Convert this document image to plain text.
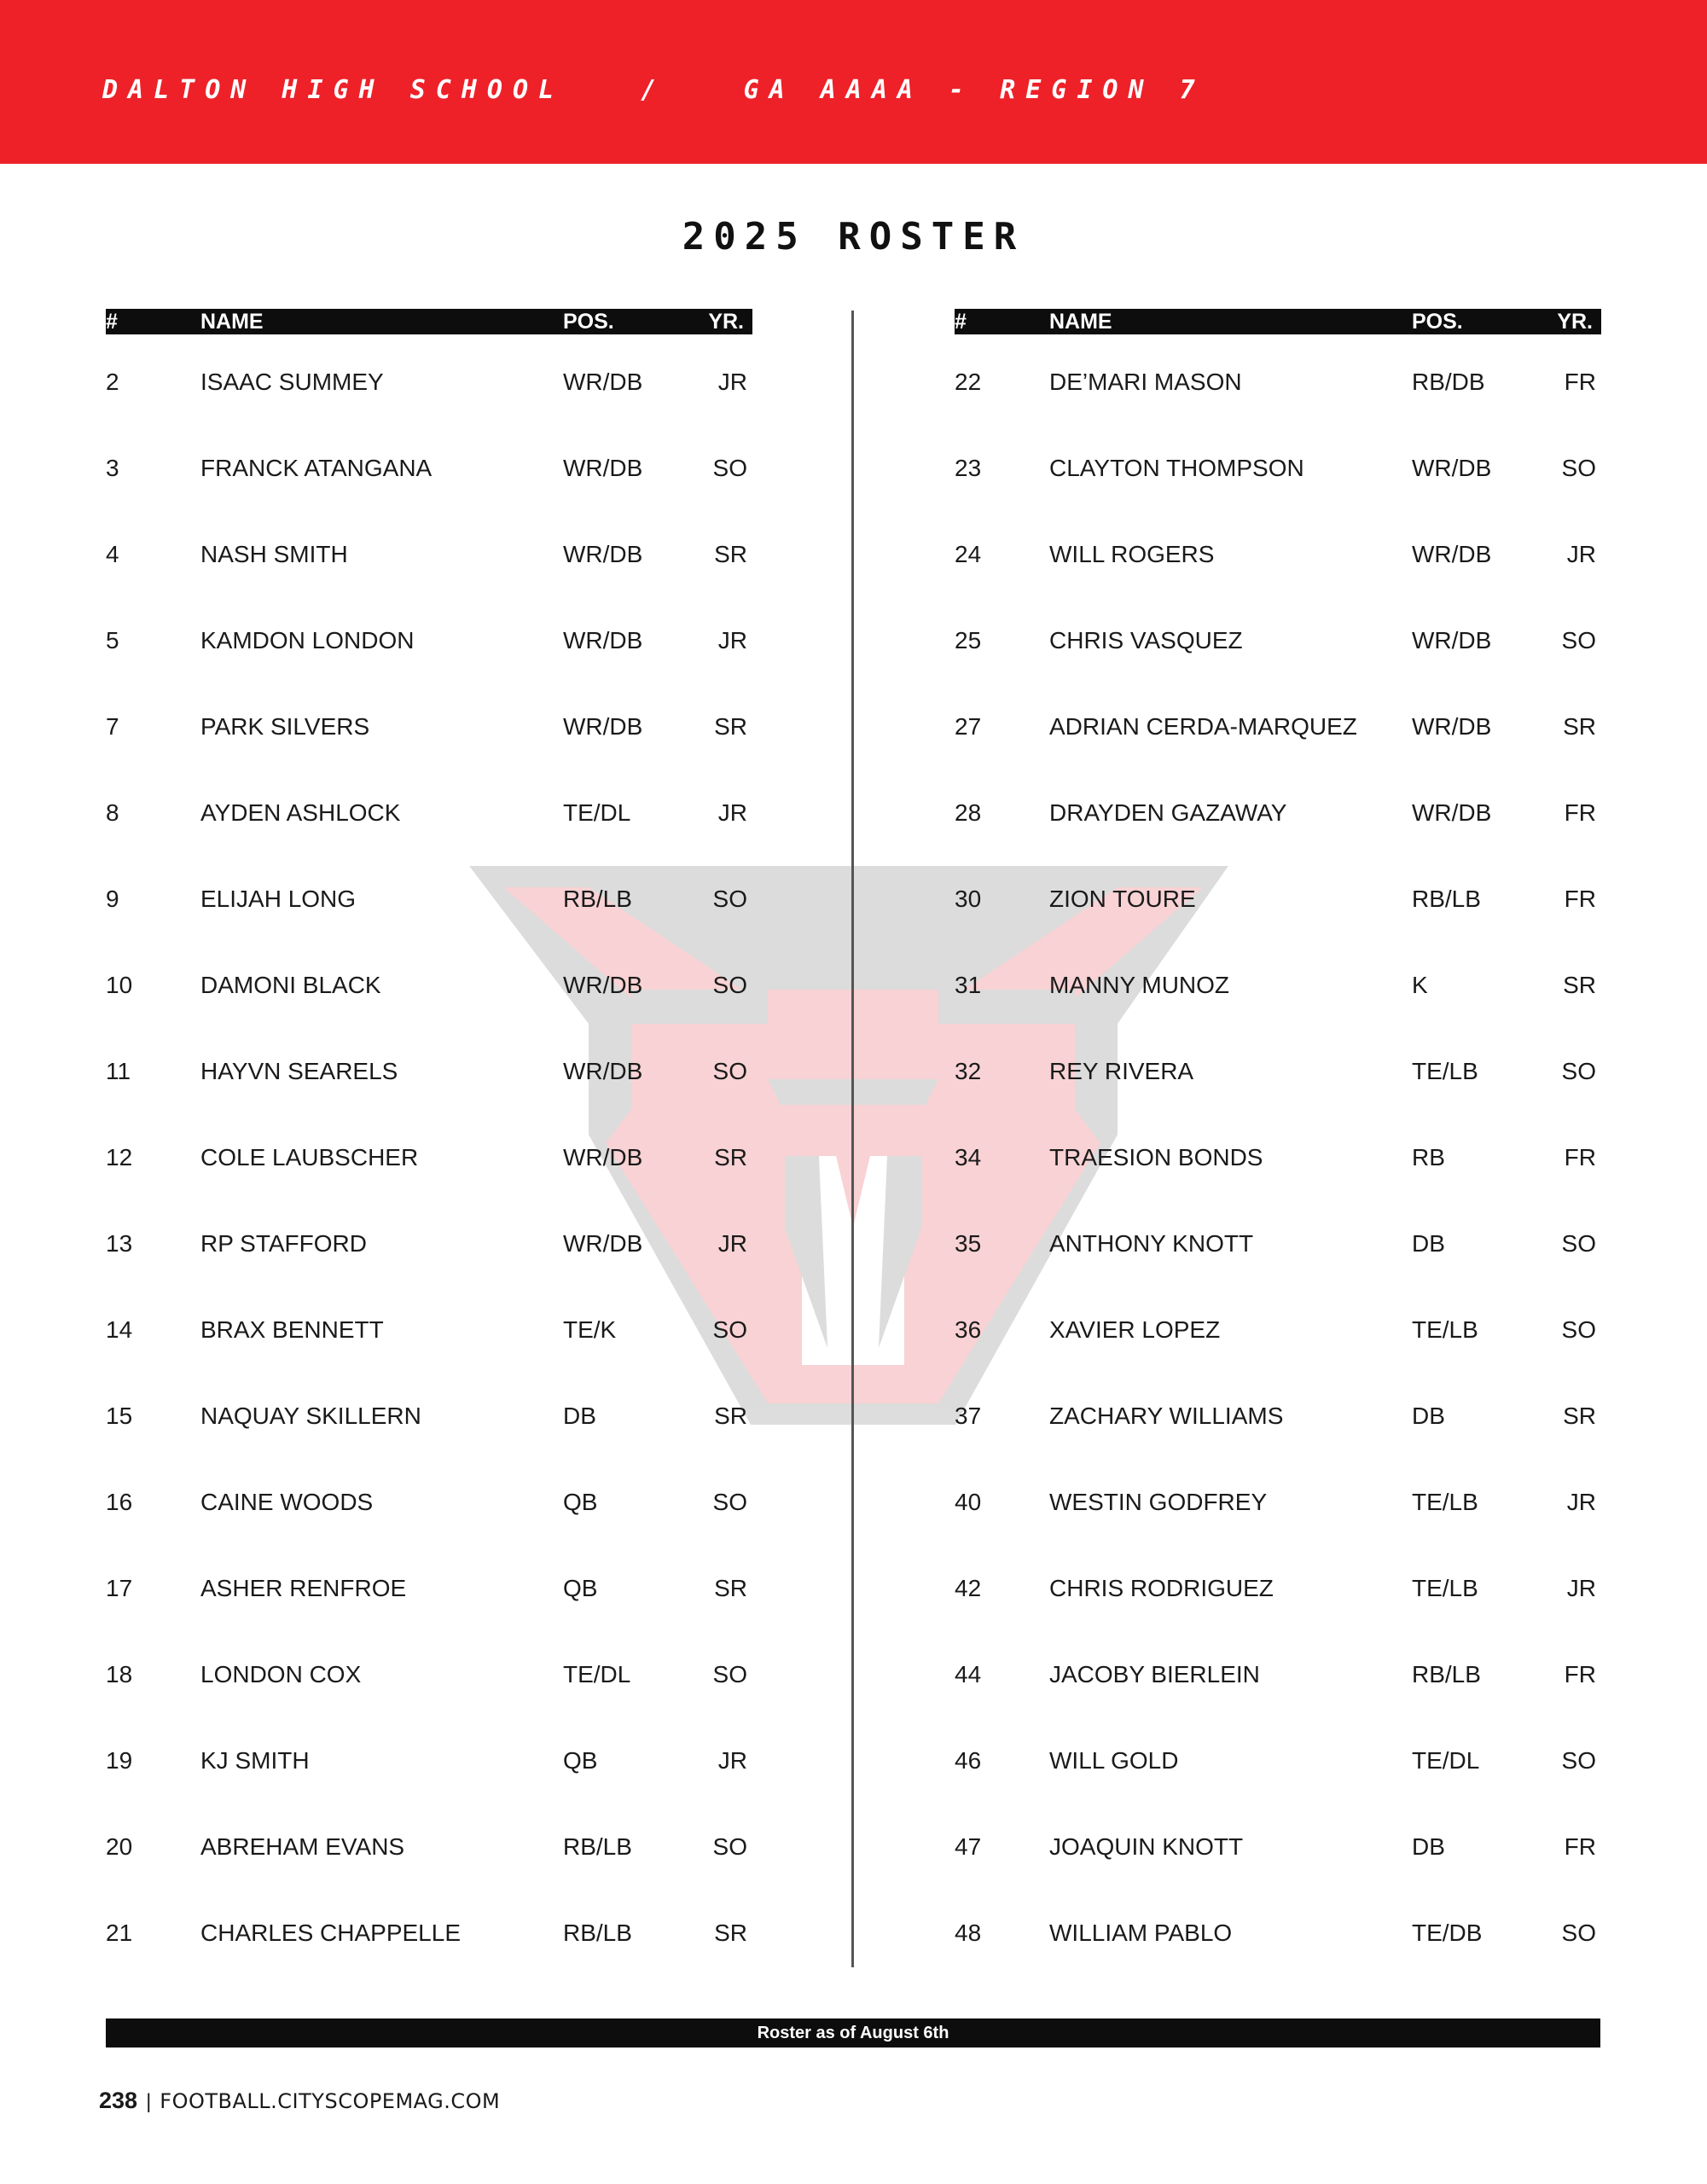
DALTON HIGH SCHOOL	/	GA AAAA - REGION 7
2025 ROSTER
#	NAME	POS.	YR.
2	ISAAC SUMMEY	WR/DB	JR
3	FRANCK ATANGANA	WR/DB	SO
4	NASH SMITH	WR/DB	SR
5	KAMDON LONDON	WR/DB	JR
7	PARK SILVERS	WR/DB	SR
8	AYDEN ASHLOCK	TE/DL	JR
9	ELIJAH LONG	RB/LB	SO
10	DAMONI BLACK	WR/DB	SO
11	HAYVN SEARELS	WR/DB	SO
12	COLE LAUBSCHER	WR/DB	SR
13	RP STAFFORD	WR/DB	JR
14	BRAX BENNETT	TE/K	SO
15	NAQUAY SKILLERN	DB	SR
16	CAINE WOODS	QB	SO
17	ASHER RENFROE	QB	SR
18	LONDON COX	TE/DL	SO
19	KJ SMITH	QB	JR
20	ABREHAM EVANS	RB/LB	SO
21	CHARLES CHAPPELLE	RB/LB	SR
#	NAME	POS.	YR.
22	DE’MARI MASON	RB/DB	FR
23	CLAYTON THOMPSON	WR/DB	SO
24	WILL ROGERS	WR/DB	JR
25	CHRIS VASQUEZ	WR/DB	SO
27	ADRIAN CERDA-MARQUEZ WR/DB	SR
28	DRAYDEN GAZAWAY	WR/DB	FR
30	ZION TOURE	RB/LB	FR
31	MANNY MUNOZ	K	SR
32	REY RIVERA	TE/LB	SO
34	TRAESION BONDS	RB	FR
35	ANTHONY KNOTT	DB	SO
36	XAVIER LOPEZ	TE/LB	SO
37	ZACHARY WILLIAMS	DB	SR
40	WESTIN GODFREY	TE/LB	JR
42	CHRIS RODRIGUEZ	TE/LB	JR
44	JACOBY BIERLEIN	RB/LB	FR
46	WILL GOLD	TE/DL	SO
47	JOAQUIN KNOTT	DB	FR
48	WILLIAM PABLO	TE/DB	SO
Roster as of August 6th
238 | FOOTBALL.CITYSCOPEMAG.COM
